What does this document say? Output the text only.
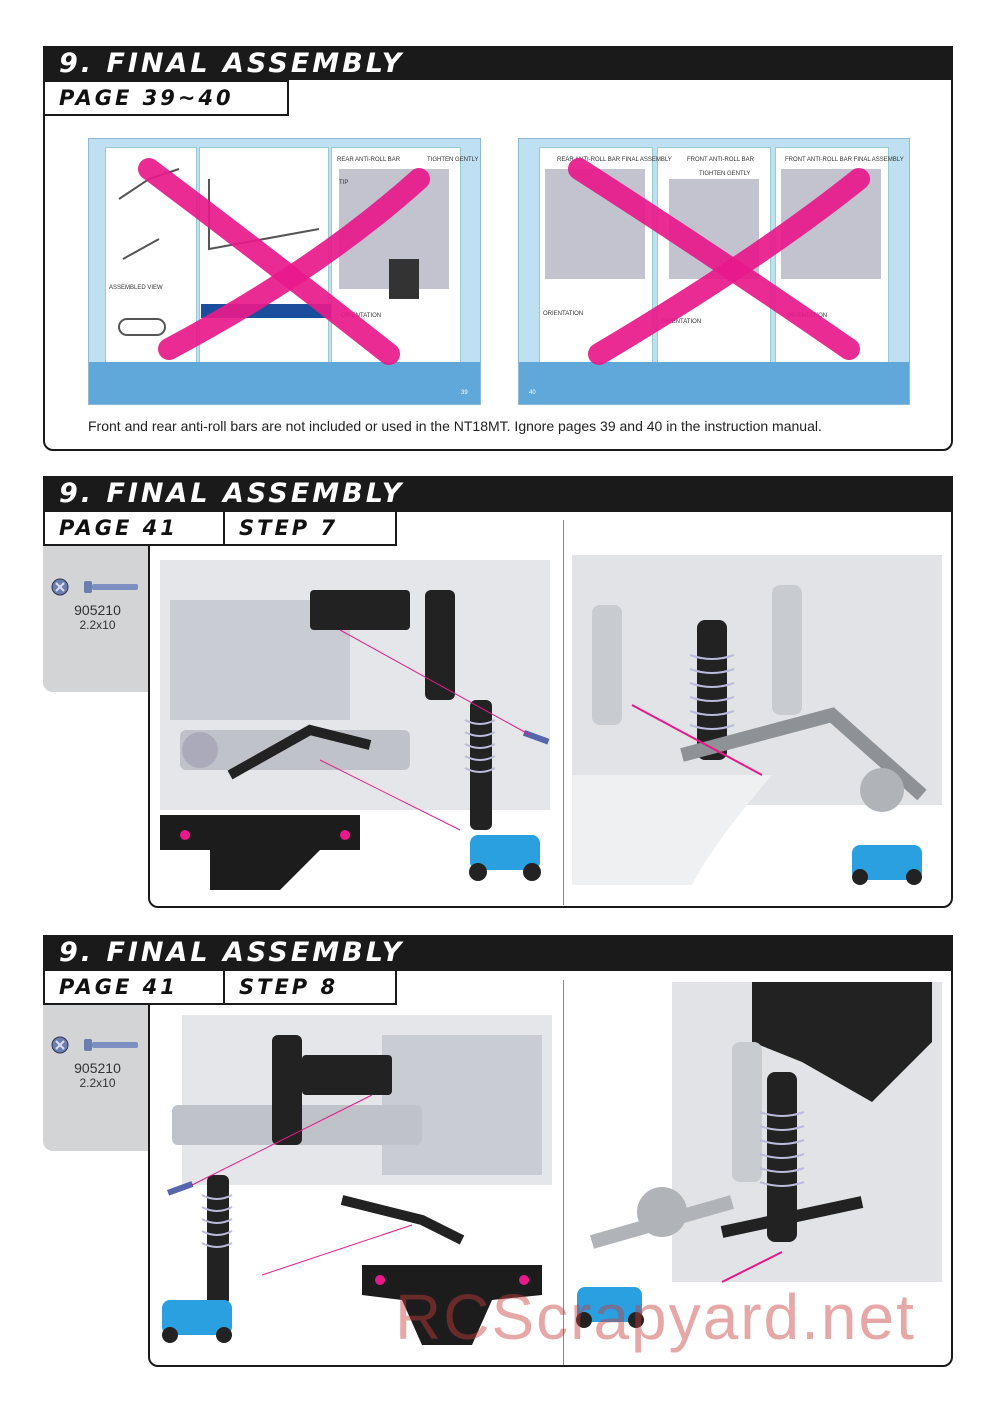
9. FINAL ASSEMBLY
PAGE 39~40
REAR ANTI-ROLL BAR	TIGHTEN GENTLY
ASSEMBLED VIEW
TIP
ORIENTATION
39
REAR ANTI-ROLL BAR FINAL ASSEMBLY	FRONT ANTI-ROLL BAR	FRONT ANTI-ROLL BAR FINAL ASSEMBLY
TIGHTEN GENTLY
ORIENTATION
ORIENTATION
ORIENTATION
40
Front and rear anti-roll bars are not included or used in the NT18MT. Ignore pages 39 and 40 in the instruction manual.
9. FINAL ASSEMBLY
PAGE 41	STEP 7
905210
2.2x10
9. FINAL ASSEMBLY
PAGE 41	STEP 8
905210
2.2x10
RCScrapyard.net
